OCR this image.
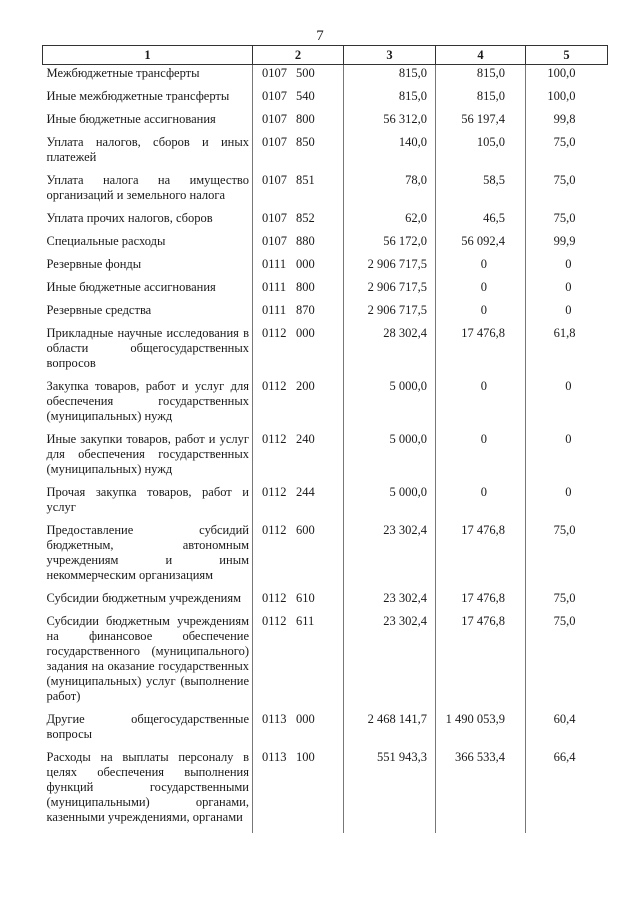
7
1	2	3	4	5
Межбюджетные трансферты	0107 500	815,0	815,0	100,0
Иные межбюджетные трансферты	0107 540	815,0	815,0	100,0
Иные бюджетные ассигнования	0107 800	56 312,0	56 197,4	99,8
Уплата налогов, сборов и иных платежей	0107 850	140,0	105,0	75,0
Уплата налога на имущество организаций и земельного налога	0107 851	78,0	58,5	75,0
Уплата прочих налогов, сборов	0107 852	62,0	46,5	75,0
Специальные расходы	0107 880	56 172,0	56 092,4	99,9
Резервные фонды	0111 000	2 906 717,5	0	0
Иные бюджетные ассигнования	0111 800	2 906 717,5	0	0
Резервные средства	0111 870	2 906 717,5	0	0
Прикладные научные исследования в области общегосударственных вопросов	0112 000	28 302,4	17 476,8	61,8
Закупка товаров, работ и услуг для обеспечения государственных (муниципальных) нужд	0112 200	5 000,0	0	0
Иные закупки товаров, работ и услуг для обеспечения государственных (муниципальных) нужд	0112 240	5 000,0	0	0
Прочая закупка товаров, работ и услуг	0112 244	5 000,0	0	0
Предоставление субсидий бюджетным, автономным учреждениям и иным некоммерческим организациям	0112 600	23 302,4	17 476,8	75,0
Субсидии бюджетным учреждениям	0112 610	23 302,4	17 476,8	75,0
Субсидии бюджетным учреждениям на финансовое обеспечение государственного (муниципального) задания на оказание государственных (муниципальных) услуг (выполнение работ)	0112 611	23 302,4	17 476,8	75,0
Другие общегосударственные вопросы	0113 000	2 468 141,7	1 490 053,9	60,4
Расходы на выплаты персоналу в целях обеспечения выполнения функций государственными (муниципальными) органами, казенными учреждениями, органами	0113 100	551 943,3	366 533,4	66,4
